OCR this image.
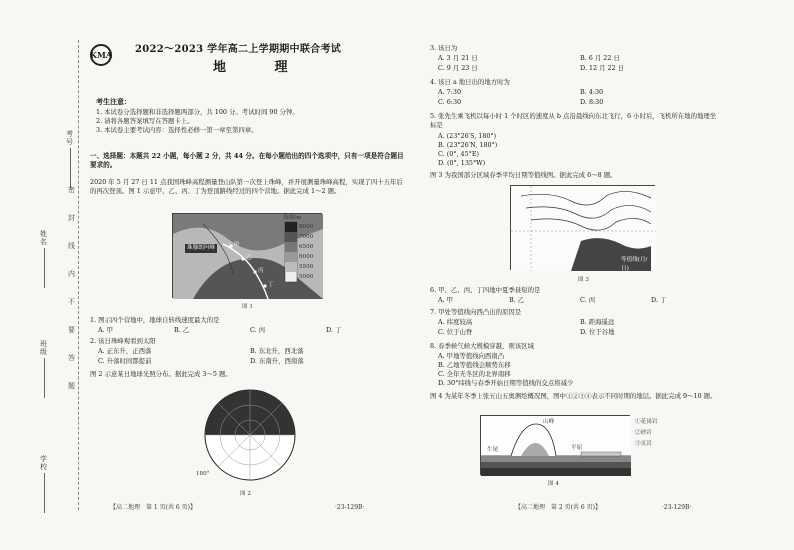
考号
姓名
班级
学校
密
封
线
内
不
要
答
题
KMA 2022～2023 学年高二上学期期中联合考试
地 理
考生注意：
1. 本试卷分选择题和非选择题两部分，共 100 分。考试时间 90 分钟。
2. 请将各题答案填写在答题卡上。
3. 本试卷主要考试内容：选择性必修一第一章至第四章。
一、选择题：本题共 22 小题，每小题 2 分，共 44 分。在每小题给出的四个选项中，只有一项是符合题目要求的。
2020 年 5 月 27 日 11 点我国珠峰高程测量登山队第一次登上珠峰，并开展测量珠峰高程，实现了四十五年后的再次登顶。图 1 示意甲、乙、丙、丁为登顶路线经过的四个营地。据此完成 1～2 题。
珠穆朗玛峰
海拔/m
8000
7000
6500
6000
5500
5000
甲
乙
丙
丁
图 1
1. 图示四个营地中，地球自转线速度最大的是
A. 甲	B. 乙	C. 丙	D. 丁
2. 该日珠峰观看到太阳
A. 正东升，正西落	B. 东北升，西北落
C. 升落时间都提前	D. 东南升，西南落
图 2 示意某日地球光照分布。据此完成 3～5 题。
180°
图 2
【高二地理　第 1 页(共 6 页)】	·23-129B·
3. 该日为
A. 3 月 21 日	B. 6 月 22 日
C. 9 月 23 日	D. 12 月 22 日
4. 该日 a 地日出的地方时为
A. 7:30	B. 4:30
C. 6:30	D. 8:30
5. 张先生乘飞机以每小时 1 个时区的速度从 b 点沿晨线向东北飞行，6 小时后，飞机所在地的地理坐标是
A. (23°26′S, 180°)
B. (23°26′N, 180°)
C. (0°, 45°E)
D. (0°, 135°W)
图 3 为我国部分区域春季平均日期等值线图。据此完成 6～8 题。
等值线(月/日)
图 3
6. 甲、乙、丙、丁四地中夏季昼短的是
A. 甲	B. 乙	C. 丙	D. 丁
7. 甲处等值线向西凸出的原因是
A. 纬度较高	B. 距海遥远
C. 位于山脊	D. 位于谷地
8. 春季候气候大规模穿越，则该区域
A. 甲地等值线向西南凸
B. 乙地等值线会顺势东移
C. 全年无冬区的北界南移
D. 30°纬线与春季开始日期等值线的交点将减少
图 4 为某年冬季上张五山五奥测绘概况图，图中①②③④表示不同时期的地层。据此完成 9～10 题。
山峰
平原
牛尾
①花岗岩
②砂岩
③页岩
图 4
【高二地理　第 2 页(共 6 页)】	·23-129B·
